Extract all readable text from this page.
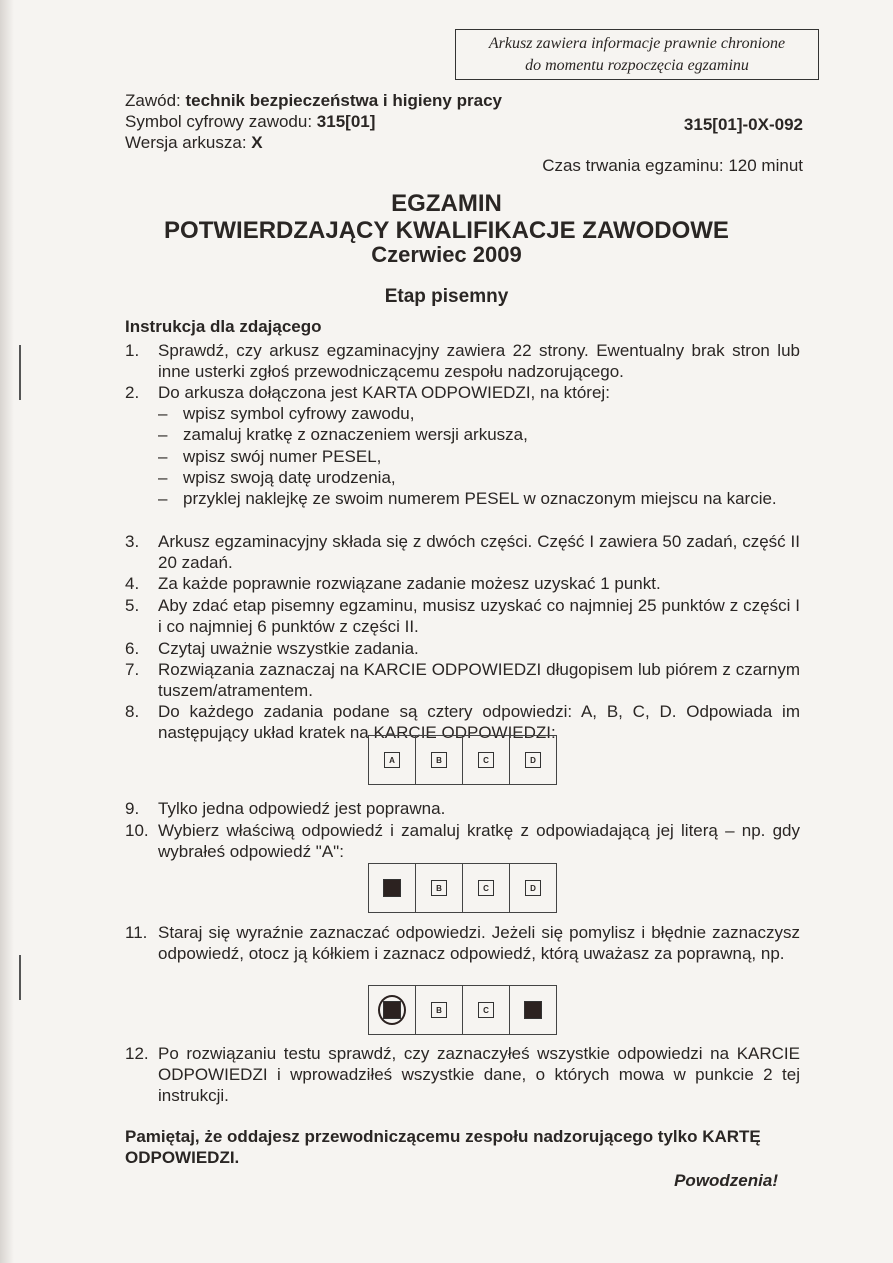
Arkusz zawiera informacje prawnie chronione
do momentu rozpoczęcia egzaminu
Zawód: technik bezpieczeństwa i higieny pracy
Symbol cyfrowy zawodu: 315[01]
Wersja arkusza: X
315[01]-0X-092
Czas trwania egzaminu: 120 minut
EGZAMIN
POTWIERDZAJĄCY KWALIFIKACJE ZAWODOWE
Czerwiec 2009
Etap pisemny
Instrukcja dla zdającego
1. Sprawdź, czy arkusz egzaminacyjny zawiera 22 strony. Ewentualny brak stron lub inne usterki zgłoś przewodniczącemu zespołu nadzorującego.
2. Do arkusza dołączona jest KARTA ODPOWIEDZI, na której:
– wpisz symbol cyfrowy zawodu,
– zamaluj kratkę z oznaczeniem wersji arkusza,
– wpisz swój numer PESEL,
– wpisz swoją datę urodzenia,
– przyklej naklejkę ze swoim numerem PESEL w oznaczonym miejscu na karcie.
3. Arkusz egzaminacyjny składa się z dwóch części. Część I zawiera 50 zadań, część II 20 zadań.
4. Za każde poprawnie rozwiązane zadanie możesz uzyskać 1 punkt.
5. Aby zdać etap pisemny egzaminu, musisz uzyskać co najmniej 25 punktów z części I i co najmniej 6 punktów z części II.
6. Czytaj uważnie wszystkie zadania.
7. Rozwiązania zaznaczaj na KARCIE ODPOWIEDZI długopisem lub piórem z czarnym tuszem/atramentem.
8. Do każdego zadania podane są cztery odpowiedzi: A, B, C, D. Odpowiada im następujący układ kratek na KARCIE ODPOWIEDZI:
9. Tylko jedna odpowiedź jest poprawna.
10. Wybierz właściwą odpowiedź i zamaluj kratkę z odpowiadającą jej literą – np. gdy wybrałeś odpowiedź "A":
11. Staraj się wyraźnie zaznaczać odpowiedzi. Jeżeli się pomylisz i błędnie zaznaczysz odpowiedź, otocz ją kółkiem i zaznacz odpowiedź, którą uważasz za poprawną, np.
12. Po rozwiązaniu testu sprawdź, czy zaznaczyłeś wszystkie odpowiedzi na KARCIE ODPOWIEDZI i wprowadziłeś wszystkie dane, o których mowa w punkcie 2 tej instrukcji.
Pamiętaj, że oddajesz przewodniczącemu zespołu nadzorującego tylko KARTĘ ODPOWIEDZI.
Powodzenia!
A	B	C	D
B	C	D
B	C
